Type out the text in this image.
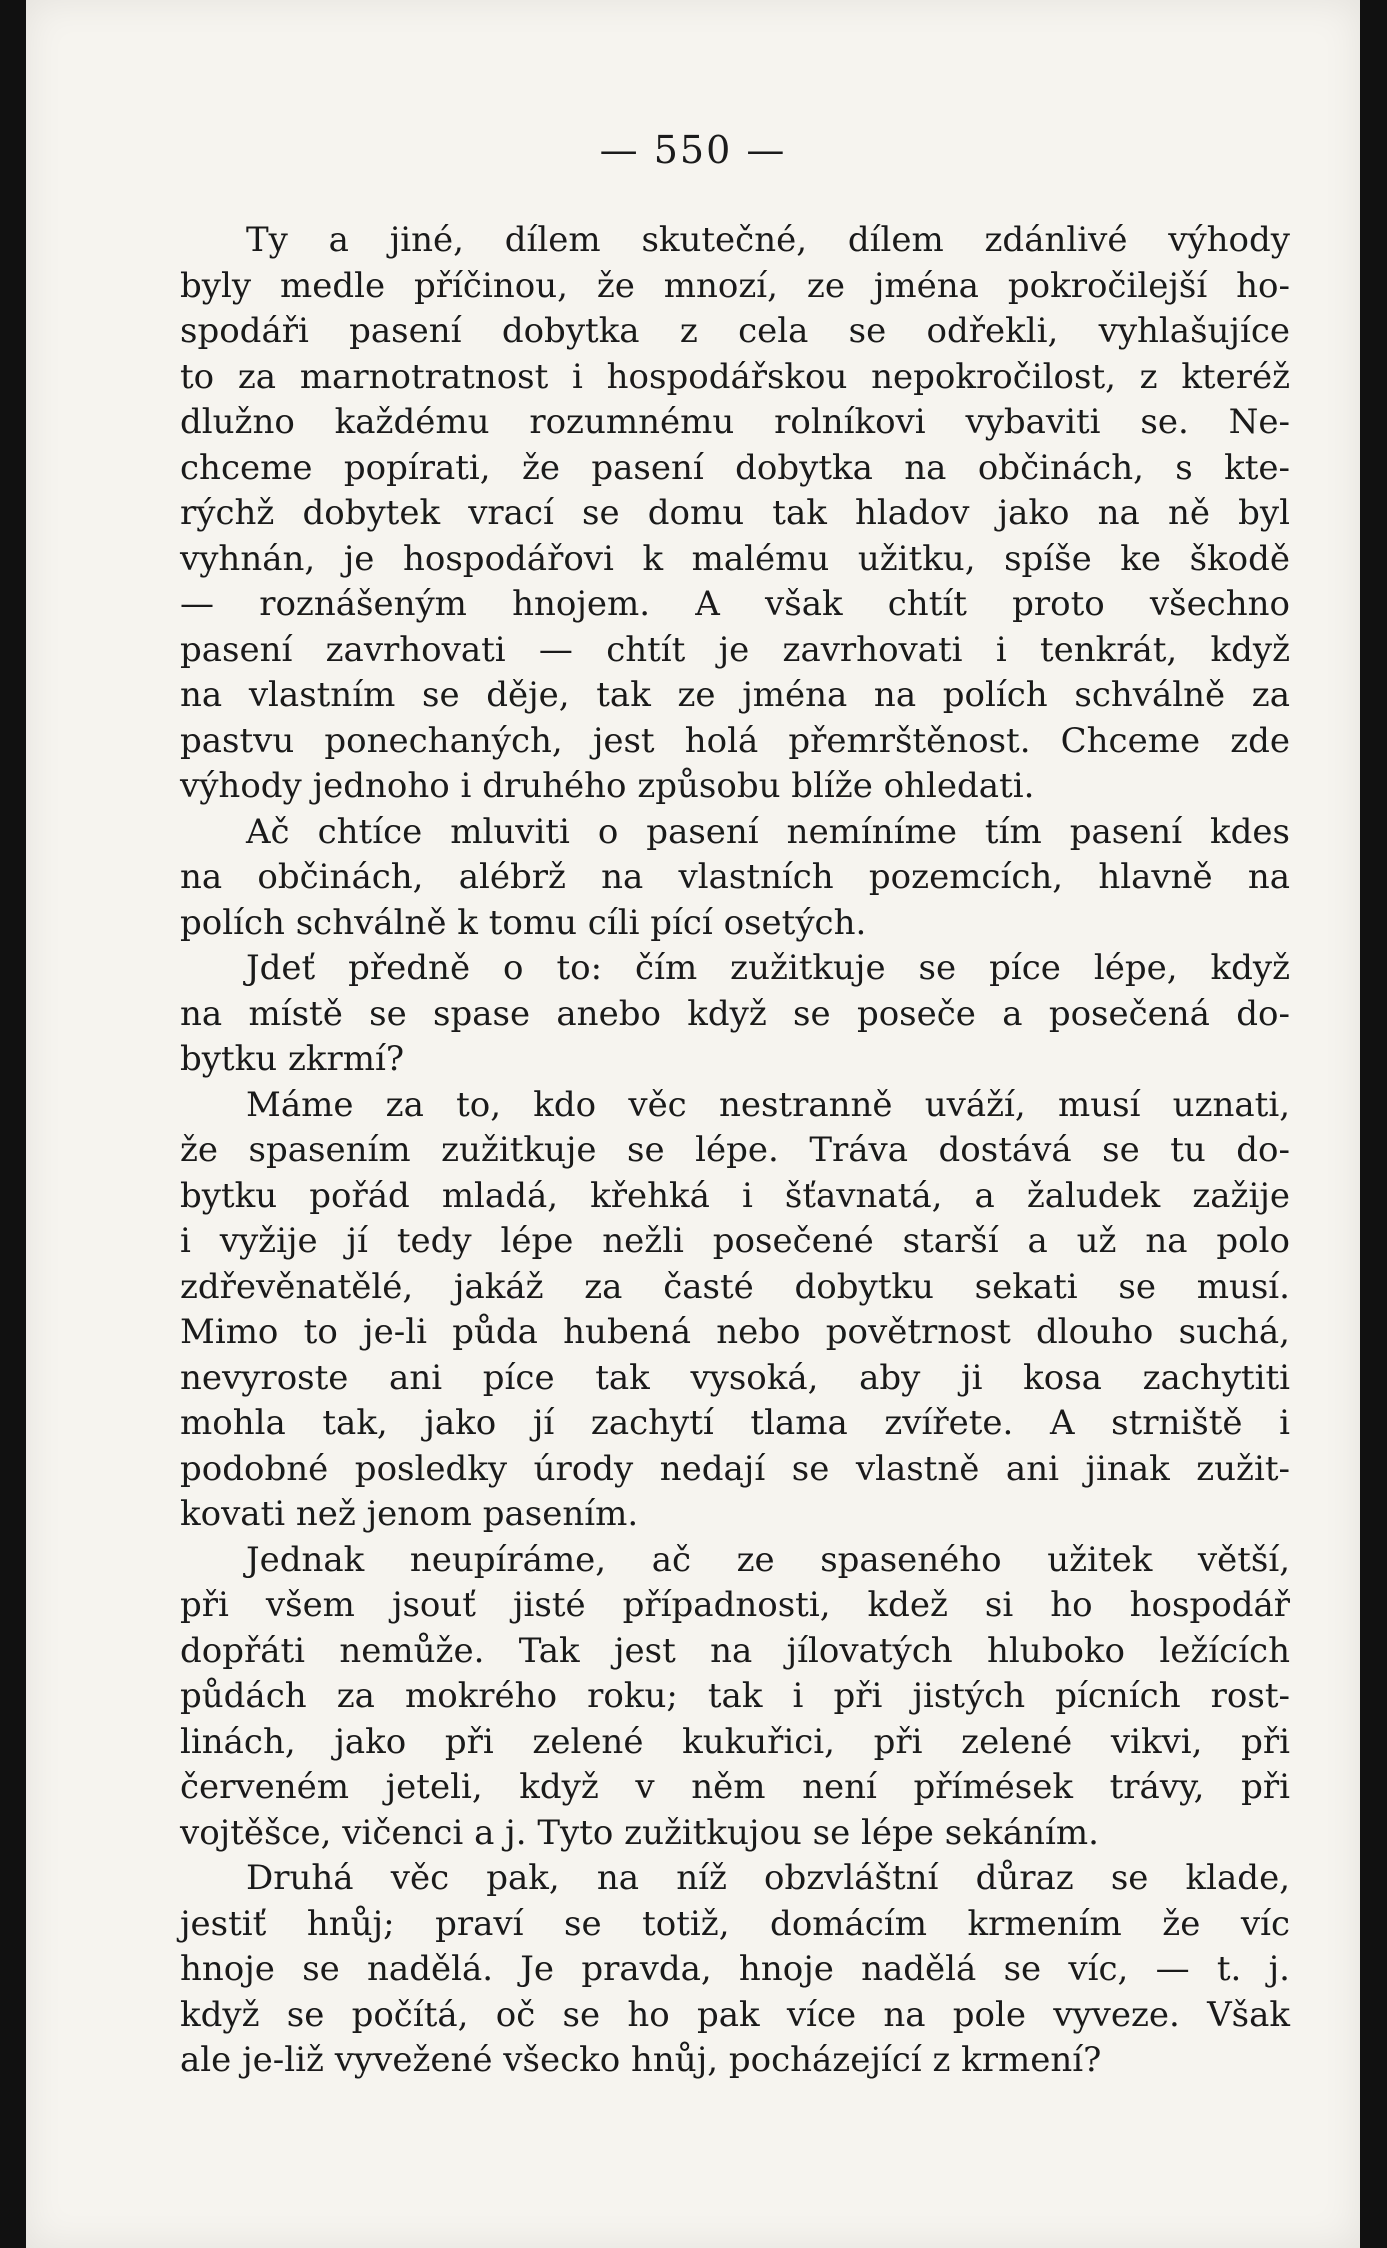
— 550 —
Ty a jiné, dílem skutečné, dílem zdánlivé výhody
byly medle příčinou, že mnozí, ze jména pokročilejší ho-
spodáři pasení dobytka z cela se odřekli, vyhlašujíce
to za marnotratnost i hospodářskou nepokročilost, z kteréž
dlužno každému rozumnému rolníkovi vybaviti se. Ne-
chceme popírati, že pasení dobytka na občinách, s kte-
rýchž dobytek vrací se domu tak hladov jako na ně byl
vyhnán, je hospodářovi k malému užitku, spíše ke škodě
— roznášeným hnojem. A však chtít proto všechno
pasení zavrhovati — chtít je zavrhovati i tenkrát, když
na vlastním se děje, tak ze jména na polích schválně za
pastvu ponechaných, jest holá přemrštěnost. Chceme zde
výhody jednoho i druhého způsobu blíže ohledati.
Ač chtíce mluviti o pasení nemíníme tím pasení kdes
na občinách, alébrž na vlastních pozemcích, hlavně na
polích schválně k tomu cíli pící osetých.
Jdeť předně o to: čím zužitkuje se píce lépe, když
na místě se spase anebo když se poseče a posečená do-
bytku zkrmí?
Máme za to, kdo věc nestranně uváží, musí uznati,
že spasením zužitkuje se lépe. Tráva dostává se tu do-
bytku pořád mladá, křehká i šťavnatá, a žaludek zažije
i vyžije jí tedy lépe nežli posečené starší a už na polo
zdřevěnatělé, jakáž za časté dobytku sekati se musí.
Mimo to je-li půda hubená nebo povětrnost dlouho suchá,
nevyroste ani píce tak vysoká, aby ji kosa zachytiti
mohla tak, jako jí zachytí tlama zvířete. A strniště i
podobné posledky úrody nedají se vlastně ani jinak zužit-
kovati než jenom pasením.
Jednak neupíráme, ač ze spaseného užitek větší,
při všem jsouť jisté případnosti, kdež si ho hospodář
dopřáti nemůže. Tak jest na jílovatých hluboko ležících
půdách za mokrého roku; tak i při jistých pícních rost-
linách, jako při zelené kukuřici, při zelené vikvi, při
červeném jeteli, když v něm není přímések trávy, při
vojtěšce, vičenci a j. Tyto zužitkujou se lépe sekáním.
Druhá věc pak, na níž obzvláštní důraz se klade,
jestiť hnůj; praví se totiž, domácím krmením že víc
hnoje se nadělá. Je pravda, hnoje nadělá se víc, — t. j.
když se počítá, oč se ho pak více na pole vyveze. Však
ale je-liž vyvežené všecko hnůj, pocházející z krmení?
